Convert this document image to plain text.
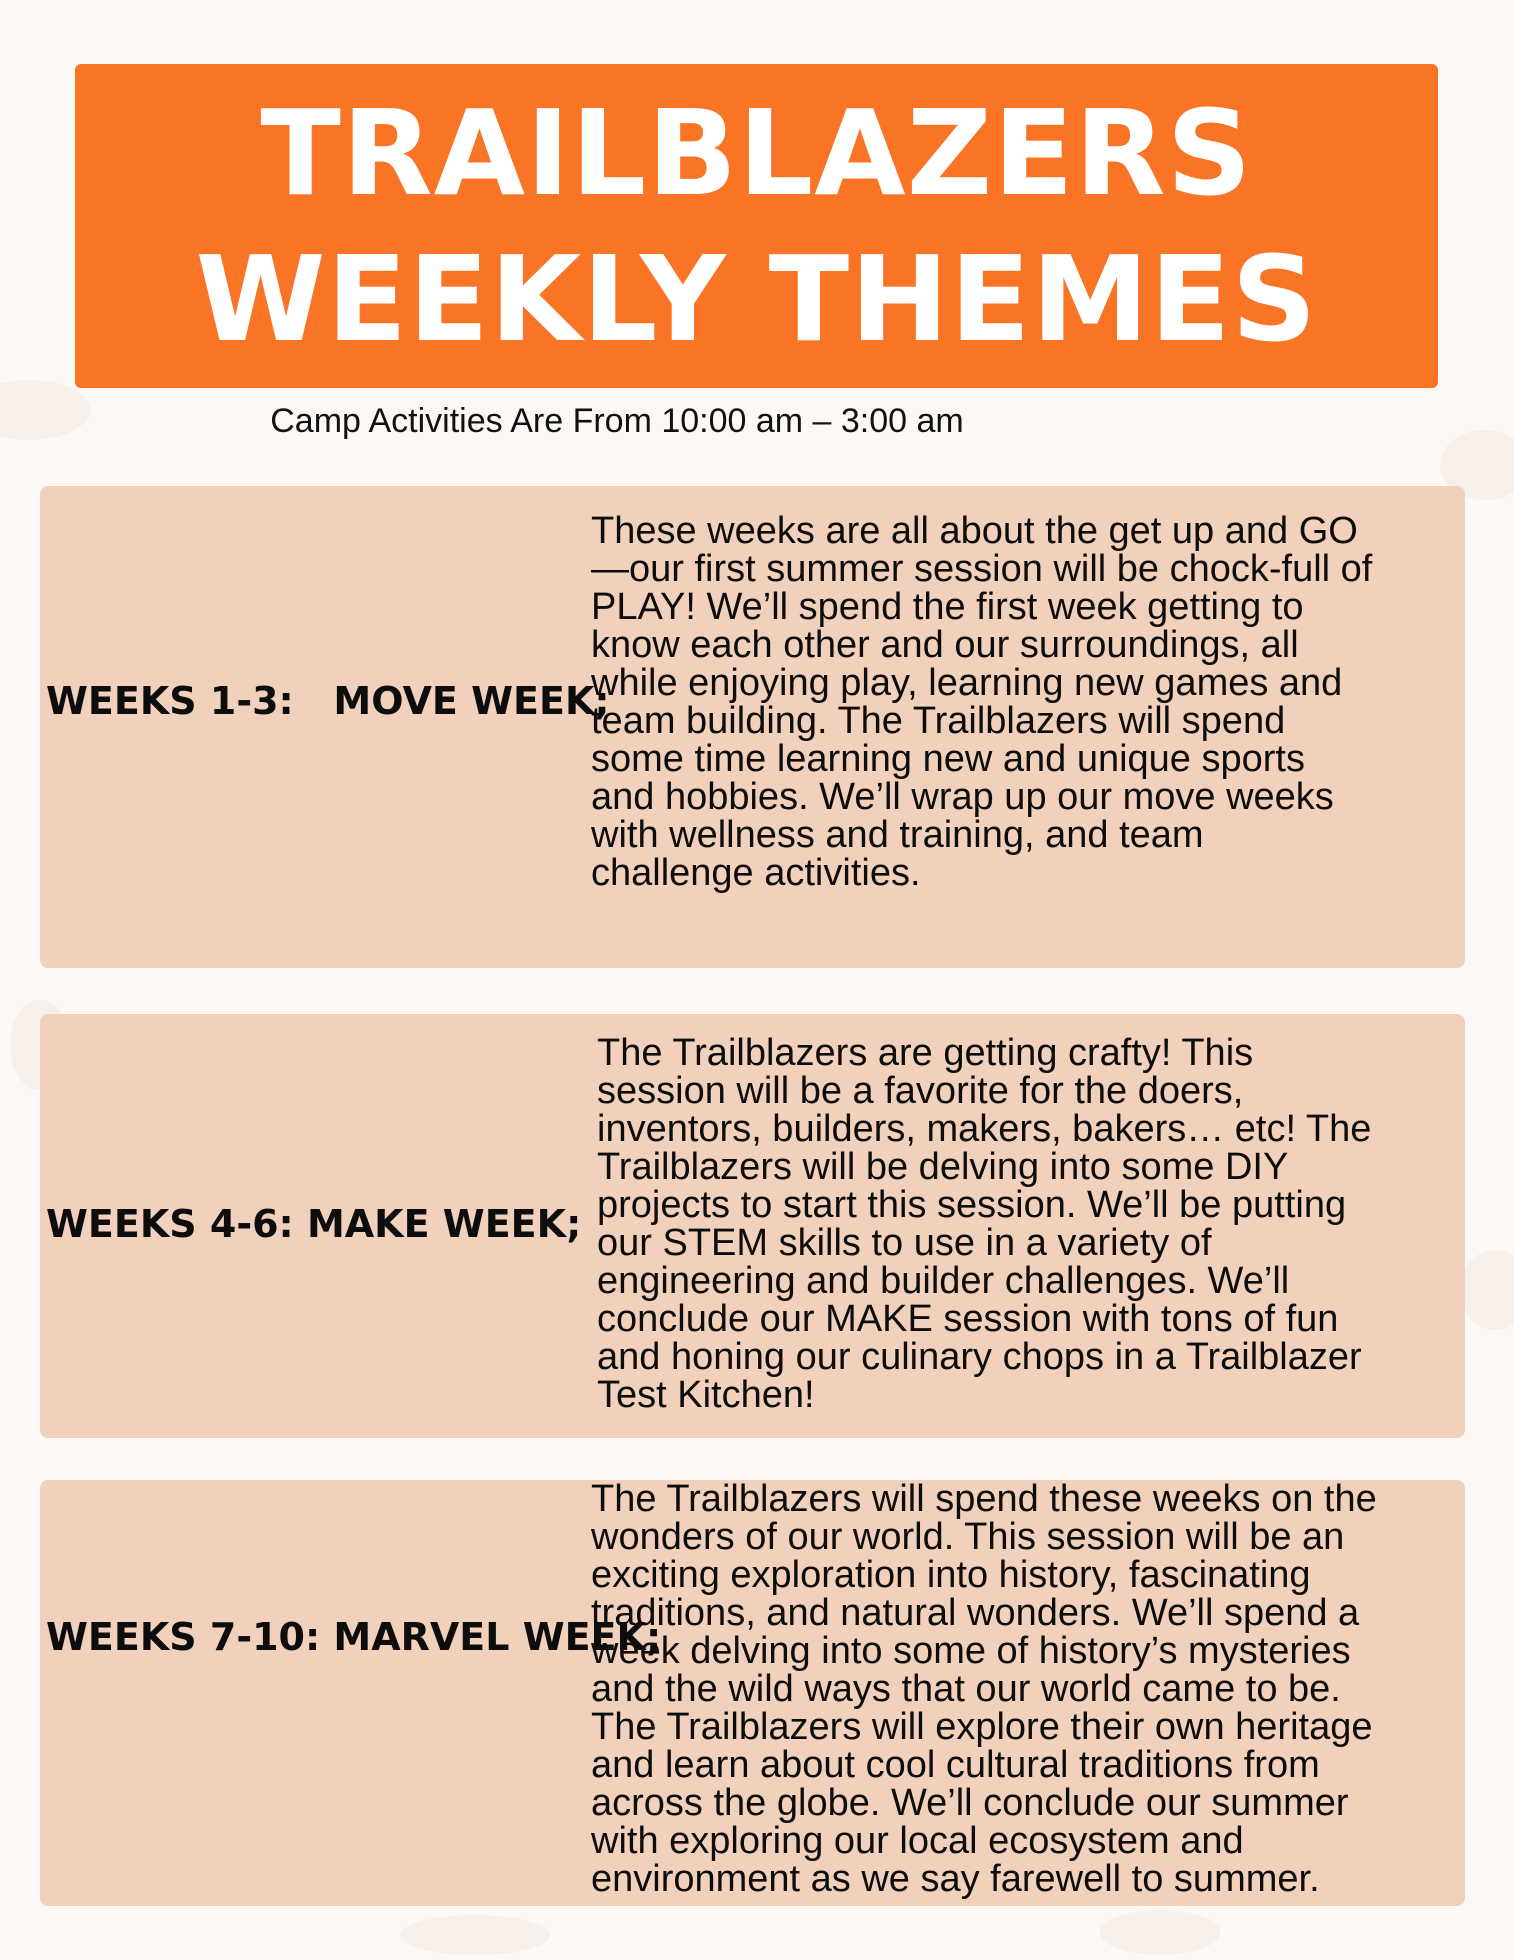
TRAILBLAZERS
WEEKLY THEMES
Camp Activities Are From 10:00 am – 3:00 am
WEEKS 1-3:   MOVE WEEK;
These weeks are all about the get up and GO
—our first summer session will be chock-full of
PLAY! We’ll spend the first week getting to
know each other and our surroundings, all
while enjoying play, learning new games and
team building. The Trailblazers will spend
some time learning new and unique sports
and hobbies. We’ll wrap up our move weeks
with wellness and training, and team
challenge activities.
WEEKS 4-6: MAKE WEEK;
The Trailblazers are getting crafty! This
session will be a favorite for the doers,
inventors, builders, makers, bakers… etc! The
Trailblazers will be delving into some DIY
projects to start this session. We’ll be putting
our STEM skills to use in a variety of
engineering and builder challenges. We’ll
conclude our MAKE session with tons of fun
and honing our culinary chops in a Trailblazer
Test Kitchen!
WEEKS 7-10: MARVEL WEEK;
The Trailblazers will spend these weeks on the
wonders of our world. This session will be an
exciting exploration into history, fascinating
traditions, and natural wonders. We’ll spend a
week delving into some of history’s mysteries
and the wild ways that our world came to be.
The Trailblazers will explore their own heritage
and learn about cool cultural traditions from
across the globe. We’ll conclude our summer
with exploring our local ecosystem and
environment as we say farewell to summer.
